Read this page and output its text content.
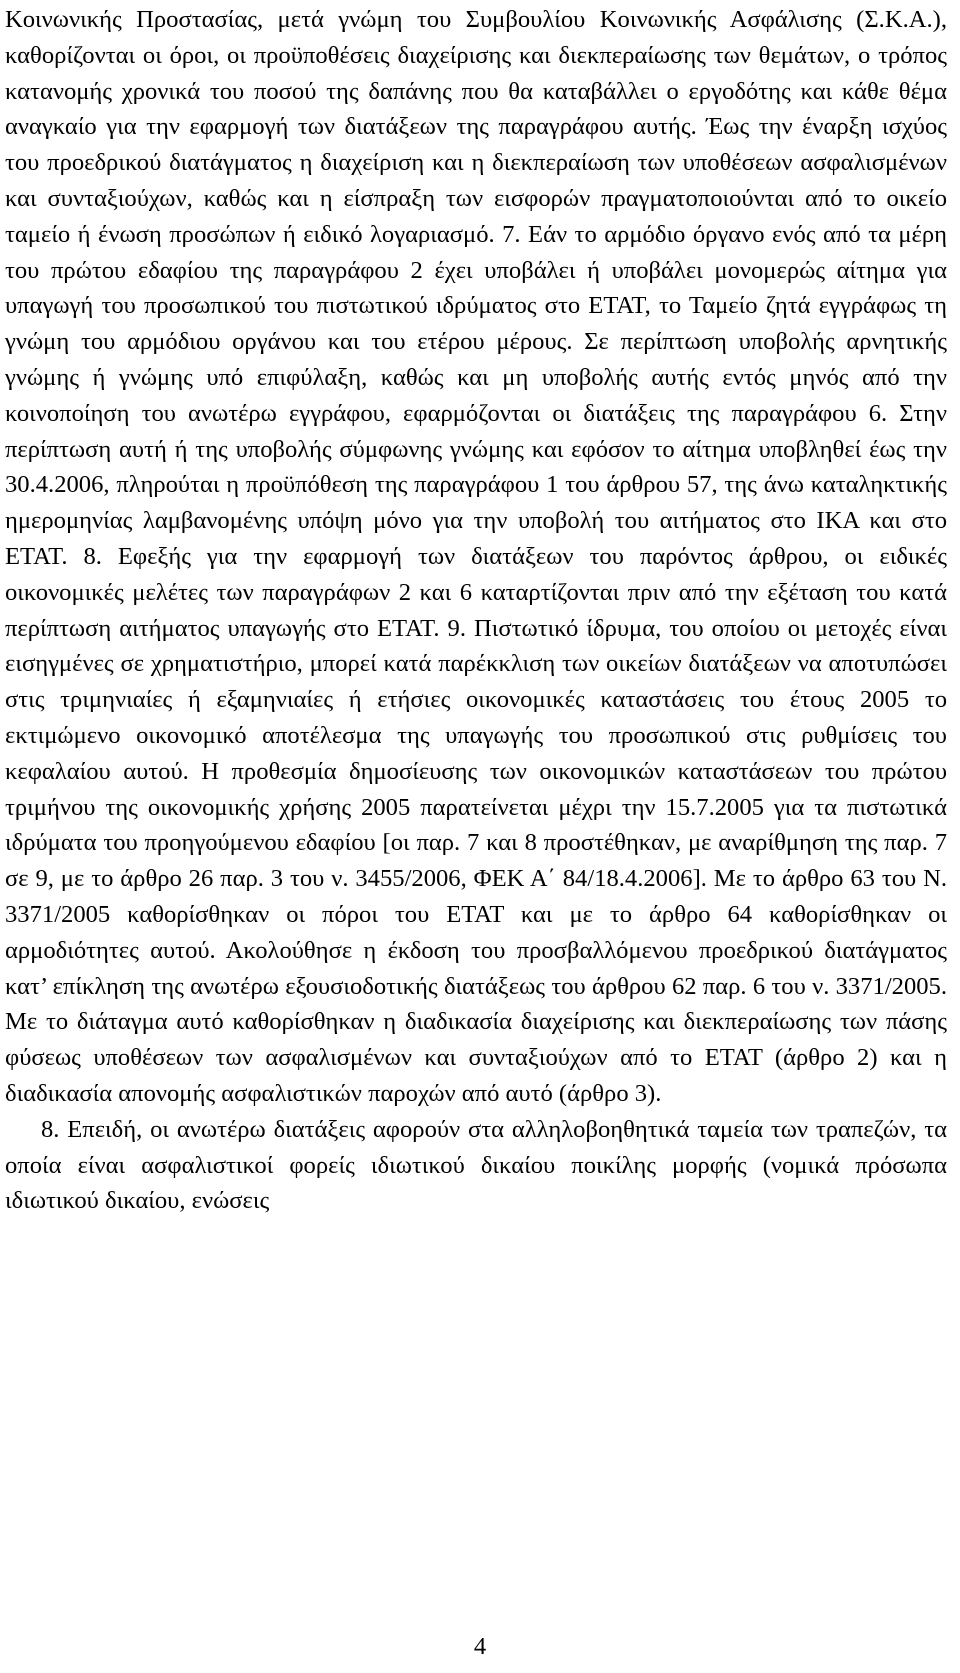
Κοινωνικής Προστασίας, μετά γνώμη του Συμβουλίου Κοινωνικής Ασφάλισης (Σ.Κ.Α.), καθορίζονται οι όροι, οι προϋποθέσεις διαχείρισης και διεκπεραίωσης των θεμάτων, ο τρόπος κατανομής χρονικά του ποσού της δαπάνης που θα καταβάλλει ο εργοδότης και κάθε θέμα αναγκαίο για την εφαρμογή των διατάξεων της παραγράφου αυτής. Έως την έναρξη ισχύος του προεδρικού διατάγματος η διαχείριση και η διεκπεραίωση των υποθέσεων ασφαλισμένων και συνταξιούχων, καθώς και η είσπραξη των εισφορών πραγματοποιούνται από το οικείο ταμείο ή ένωση προσώπων ή ειδικό λογαριασμό. 7. Εάν το αρμόδιο όργανο ενός από τα μέρη του πρώτου εδαφίου της παραγράφου 2 έχει υποβάλει ή υποβάλει μονομερώς αίτημα για υπαγωγή του προσωπικού του πιστωτικού ιδρύματος στο ΕΤΑΤ, το Ταμείο ζητά εγγράφως τη γνώμη του αρμόδιου οργάνου και του ετέρου μέρους. Σε περίπτωση υποβολής αρνητικής γνώμης ή γνώμης υπό επιφύλαξη, καθώς και μη υποβολής αυτής εντός μηνός από την κοινοποίηση του ανωτέρω εγγράφου, εφαρμόζονται οι διατάξεις της παραγράφου 6. Στην περίπτωση αυτή ή της υποβολής σύμφωνης γνώμης και εφόσον το αίτημα υποβληθεί έως την 30.4.2006, πληρούται η προϋπόθεση της παραγράφου 1 του άρθρου 57, της άνω καταληκτικής ημερομηνίας λαμβανομένης υπόψη μόνο για την υποβολή του αιτήματος στο ΙΚΑ και στο ΕΤΑΤ. 8. Εφεξής για την εφαρμογή των διατάξεων του παρόντος άρθρου, οι ειδικές οικονομικές μελέτες των παραγράφων 2 και 6 καταρτίζονται πριν από την εξέταση του κατά περίπτωση αιτήματος υπαγωγής στο ΕΤΑΤ. 9. Πιστωτικό ίδρυμα, του οποίου οι μετοχές είναι εισηγμένες σε χρηματιστήριο, μπορεί κατά παρέκκλιση των οικείων διατάξεων να αποτυπώσει στις τριμηνιαίες ή εξαμηνιαίες ή ετήσιες οικονομικές καταστάσεις του έτους 2005 το εκτιμώμενο οικονομικό αποτέλεσμα της υπαγωγής του προσωπικού στις ρυθμίσεις του κεφαλαίου αυτού. Η προθεσμία δημοσίευσης των οικονομικών καταστάσεων του πρώτου τριμήνου της οικονομικής χρήσης 2005 παρατείνεται μέχρι την 15.7.2005 για τα πιστωτικά ιδρύματα του προηγούμενου εδαφίου [οι παρ. 7 και 8 προστέθηκαν, με αναρίθμηση της παρ. 7 σε 9, με το άρθρο 26 παρ. 3 του ν. 3455/2006, ΦΕΚ Α΄ 84/18.4.2006]. Με το άρθρο 63 του Ν. 3371/2005 καθορίσθηκαν οι πόροι του ΕΤΑΤ και με το άρθρο 64 καθορίσθηκαν οι αρμοδιότητες αυτού. Ακολούθησε η έκδοση του προσβαλλόμενου προεδρικού διατάγματος κατ’ επίκληση της ανωτέρω εξουσιοδοτικής διατάξεως του άρθρου 62 παρ. 6 του ν. 3371/2005. Με το διάταγμα αυτό καθορίσθηκαν η διαδικασία διαχείρισης και διεκπεραίωσης των πάσης φύσεως υποθέσεων των ασφαλισμένων και συνταξιούχων από το ΕΤΑΤ (άρθρο 2) και η διαδικασία απονομής ασφαλιστικών παροχών από αυτό (άρθρο 3).

8. Επειδή, οι ανωτέρω διατάξεις αφορούν στα αλληλοβοηθητικά ταμεία των τραπεζών, τα οποία είναι ασφαλιστικοί φορείς ιδιωτικού δικαίου ποικίλης μορφής (νομικά πρόσωπα ιδιωτικού δικαίου, ενώσεις

4
